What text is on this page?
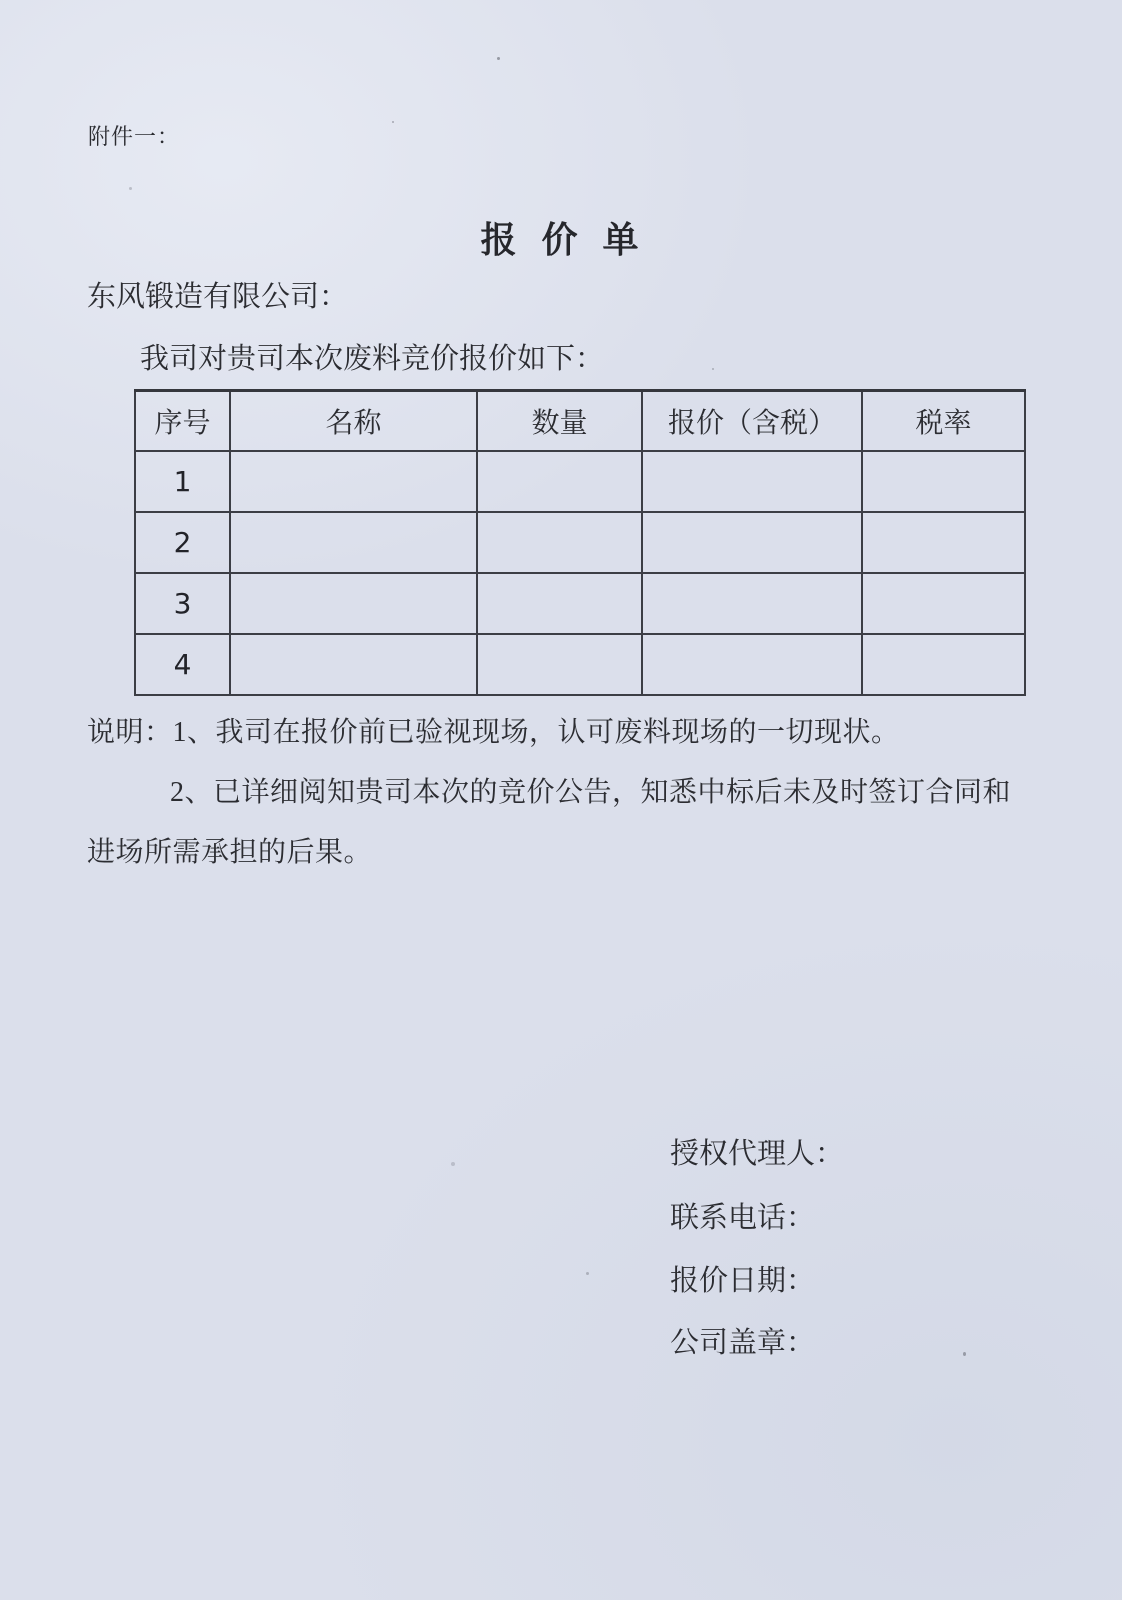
附件一：
报 价 单
东风锻造有限公司：
我司对贵司本次废料竞价报价如下：
序号	名称	数量	报价（含税）	税率
1				
2				
3				
4				
说明：1、我司在报价前已验视现场，认可废料现场的一切现状。
2、已详细阅知贵司本次的竞价公告，知悉中标后未及时签订合同和
进场所需承担的后果。
授权代理人：
联系电话：
报价日期：
公司盖章：
